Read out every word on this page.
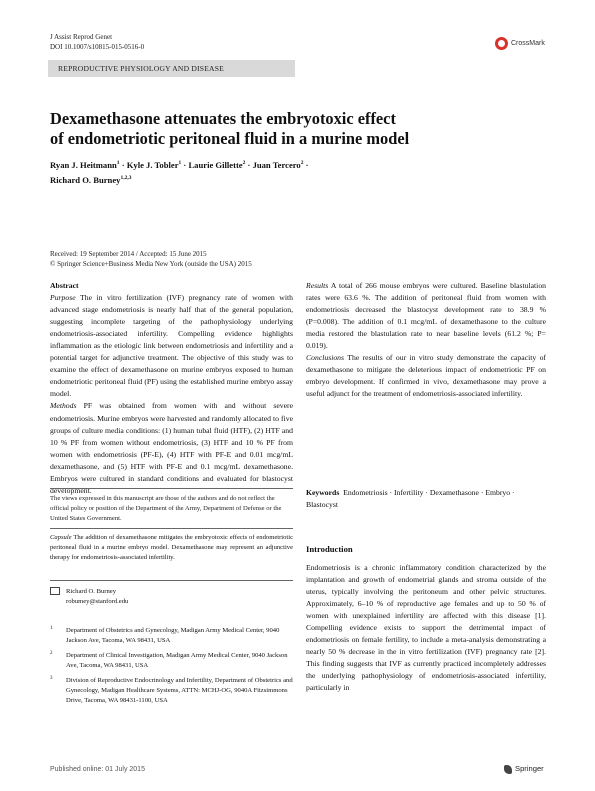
J Assist Reprod Genet
DOI 10.1007/s10815-015-0516-0	CrossMark
REPRODUCTIVE PHYSIOLOGY AND DISEASE
Dexamethasone attenuates the embryotoxic effect
of endometriotic peritoneal fluid in a murine model
Ryan J. Heitmann$^1$ · Kyle J. Tobler$^1$ · Laurie Gillette$^2$ · Juan Tercero$^2$ ·
Richard O. Burney$^{1,2,3}$
Received: 19 September 2014 / Accepted: 15 June 2015
© Springer Science+Business Media New York (outside the USA) 2015
Abstract
Purpose The in vitro fertilization (IVF) pregnancy rate of women with advanced stage endometriosis is nearly half that of the general population, suggesting incomplete targeting of the pathophysiology underlying endometriosis-associated infertility. Compelling evidence highlights inflammation as the etiologic link between endometriosis and infertility and a potential target for adjunctive treatment. The objective of this study was to examine the effect of dexamethasone on murine embryos exposed to human endometriotic peritoneal fluid (PF) using the established murine embryo assay model.
Methods PF was obtained from women with and without severe endometriosis. Murine embryos were harvested and randomly allocated to five groups of culture media conditions: (1) human tubal fluid (HTF), (2) HTF and 10 % PF from women without endometriosis, (3) HTF and 10 % PF from women with endometriosis (PF-E), (4) HTF with PF-E and 0.01 mcg/mL dexamethasone, and (5) HTF with PF-E and 0.1 mcg/mL dexamethasone. Embryos were cultured in standard conditions and evaluated for blastocyst development.
The views expressed in this manuscript are those of the authors and do not reflect the official policy or position of the Department of the Army, Department of Defense or the United States Government.
Capsule The addition of dexamethasone mitigates the embryotoxic effects of endometriotic peritoneal fluid in a murine embryo model. Dexamethasone may represent an adjunctive therapy for endometriosis-associated infertility.
Richard O. Burney
robumey@stanford.edu
1 Department of Obstetrics and Gynecology, Madigan Army Medical Center, 9040 Jackson Ave, Tacoma, WA 98431, USA
2 Department of Clinical Investigation, Madigan Army Medical Center, 9040 Jackson Ave, Tacoma, WA 98431, USA
3 Division of Reproductive Endocrinology and Infertility, Department of Obstetrics and Gynecology, Madigan Healthcare Systems, ATTN: MCHJ-OG, 9040A Fitzsimmons Drive, Tacoma, WA 98431-1100, USA
Results A total of 266 mouse embryos were cultured. Baseline blastulation rates were 63.6 %. The addition of peritoneal fluid from women with endometriosis decreased the blastocyst development rate to 38.9 % (P=0.008). The addition of 0.1 mcg/mL of dexamethasone to the culture media restored the blastulation rate to near baseline levels (61.2 %; P= 0.019).
Conclusions The results of our in vitro study demonstrate the capacity of dexamethasone to mitigate the deleterious impact of endometriotic PF on embryo development. If confirmed in vivo, dexamethasone may prove a useful adjunct for the treatment of endometriosis-associated infertility.
Keywords Endometriosis · Infertility · Dexamethasone · Embryo · Blastocyst
Introduction
Endometriosis is a chronic inflammatory condition characterized by the implantation and growth of endometrial glands and stroma outside of the uterus, typically involving the peritoneum and other pelvic structures. Approximately, 6–10 % of reproductive age females and up to 50 % of women with unexplained infertility are affected with this disease [1]. Compelling evidence exists to support the detrimental impact of endometriosis on female fertility, to include a meta-analysis demonstrating a nearly 50 % decrease in the in vitro fertilization (IVF) pregnancy rate [2]. This finding suggests that IVF as currently practiced incompletely addresses the underlying pathophysiology of endometriosis-associated infertility, particularly in
Published online: 01 July 2015	Springer
